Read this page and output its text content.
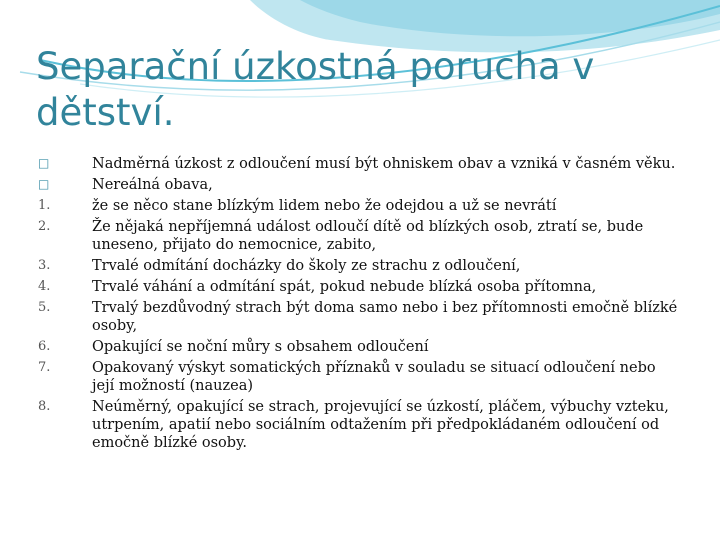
Separační úzkostná porucha v dětství.
□	Nadměrná úzkost z odloučení musí být ohniskem obav a vzniká v časném věku.
□	Nereálná obava,
1.	že se něco stane blízkým lidem nebo že odejdou a už se nevrátí
2.	Že nějaká nepříjemná událost odloučí dítě od blízkých osob, ztratí se, bude uneseno, přijato do nemocnice, zabito,
3.	Trvalé odmítání docházky do školy ze strachu z odloučení,
4.	Trvalé váhání a odmítání spát, pokud nebude blízká osoba přítomna,
5.	Trvalý bezdůvodný strach být doma samo nebo i bez přítomnosti emočně blízké osoby,
6.	Opakující se noční můry s obsahem odloučení
7.	Opakovaný výskyt somatických příznaků v souladu se situací odloučení nebo její možností (nauzea)
8.	Neúměrný, opakující se strach, projevující se úzkostí, pláčem, výbuchy vzteku, utrpením, apatií nebo sociálním odtažením při předpokládaném odloučení od emočně blízké osoby.
